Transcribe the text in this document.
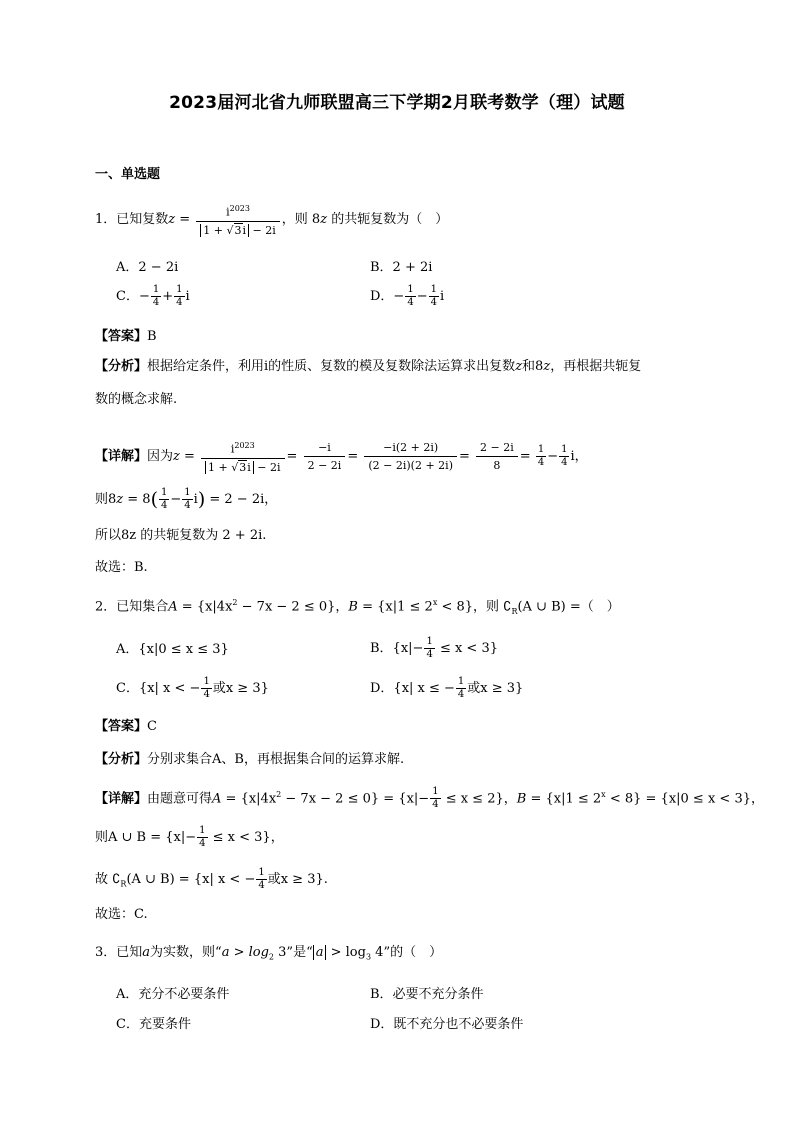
2023届河北省九师联盟高三下学期2月联考数学（理）试题
一、单选题
1．已知复数$z = \frac{i^{2023}}{1 + √3i - 2i}$ ，则 8z 的共轭复数为（　）
A．2 − 2i	B．2 + 2i
C．− $\frac{1}{4} + \frac{1}{4}$ i	D．− $\frac{1}{4} - \frac{1}{4}$ i
【答案】B
【分析】根据给定条件，利用i的性质、复数的模及复数除法运算求出复数z和8z，再根据共轭复
数的概念求解.
【详解】因为$z = \frac{i^{2023}}{1 + √3i - 2i} = \frac{-i}{2 - 2i} = \frac{-i(2 + 2i)}{(2 - 2i)(2 + 2i)} = \frac{2 - 2i}{8} = \frac{1}{4} - \frac{1}{4}$ i，
则$8z = 8( \frac{1}{4} - \frac{1}{4} i) = 2 - 2i$，
所以8z 的共轭复数为 2 + 2i.
故选：B.
2．已知集合$A = \{x|4x^2 - 7x - 2 \le 0\}$，$B = \{x|1 \le 2^x < 8\}$，则 $∁_R(A$ ∪ B) =（　）
A．{x|0 ≤ x ≤ 3}	B．$\{x|- \frac{1}{4} \le x < 3\}$
C．{x| x < − $\frac{1}{4}$ 或x ≥ 3}	D．{x| x ≤ − $\frac{1}{4}$ 或x ≥ 3}
【答案】C
【分析】分别求集合A、B，再根据集合间的运算求解.
【详解】由题意可得$A = \{x|4x^2 - 7x - 2 \le 0\} = \{x|- \frac{1}{4} \le x \le 2\}$，$B = \{x|1 \le 2^x < 8\} = \{x|0 \le x < 3\}$，
则A ∪ $B = \{x|- \frac{1}{4} \le x < 3\}$，
故 $∁_R(A$ ∪ B) = {x| x < − $\frac{1}{4}$ 或x ≥ 3}.
故选：C.
3．已知a为实数，则“$a > \log_2 3$”是“ $a > \log_3 4$”的（　）
A．充分不必要条件	B．必要不充分条件
C．充要条件	D．既不充分也不必要条件
